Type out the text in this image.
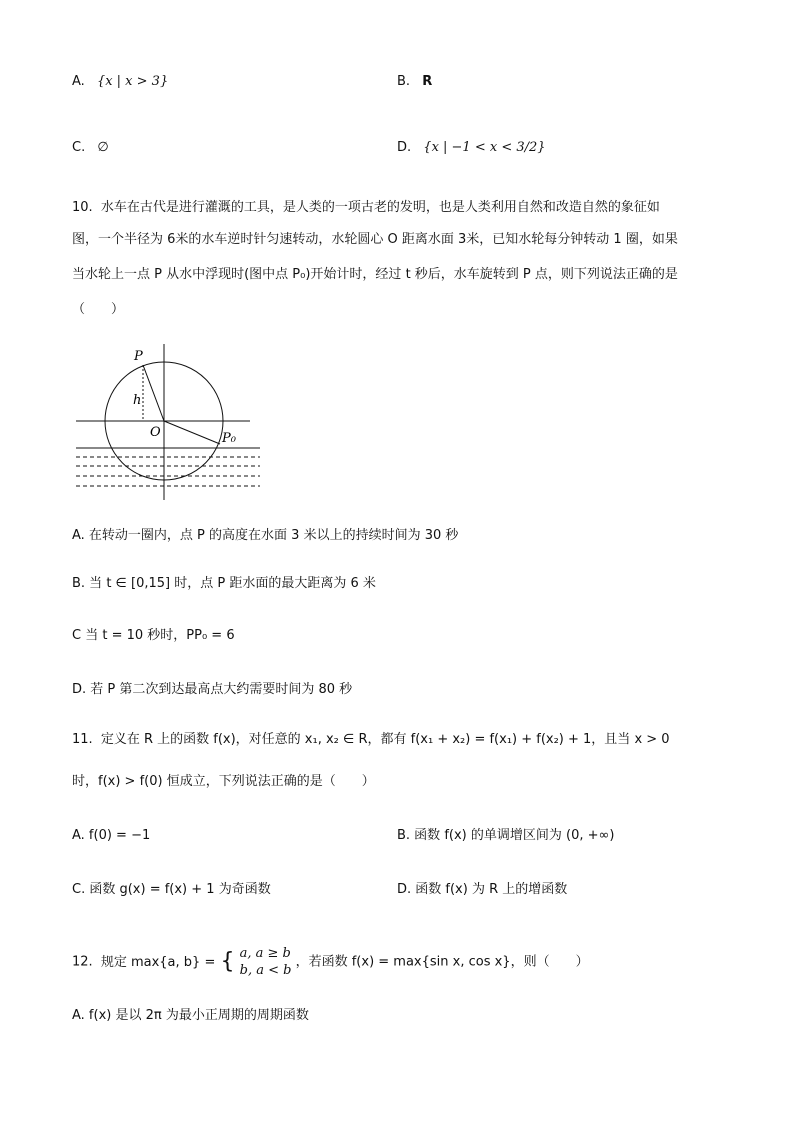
A. {x | x > 3}	B. R
C. ∅	D. {x | −1 < x < 3/2}
10. 水车在古代是进行灌溉的工具，是人类的一项古老的发明，也是人类利用自然和改造自然的象征如
图，一个半径为 6米的水车逆时针匀速转动，水轮圆心 O 距离水面 3米，已知水轮每分钟转动 1 圈，如果
当水轮上一点 P 从水中浮现时(图中点 P₀)开始计时，经过 t 秒后，水车旋转到 P 点，则下列说法正确的是
（　　）
P
h
O	P₀
A. 在转动一圈内，点 P 的高度在水面 3 米以上的持续时间为 30 秒
B. 当 t ∈ [0,15] 时，点 P 距水面的最大距离为 6 米
C 当 t = 10 秒时，PP₀ = 6
D. 若 P 第二次到达最高点大约需要时间为 80 秒
11. 定义在 R 上的函数 f(x)，对任意的 x₁, x₂ ∈ R，都有 f(x₁ + x₂) = f(x₁) + f(x₂) + 1，且当 x > 0
时，f(x) > f(0) 恒成立，下列说法正确的是（　　）
A. f(0) = −1	B. 函数 f(x) 的单调增区间为 (0, +∞)
C. 函数 g(x) = f(x) + 1 为奇函数	D. 函数 f(x) 为 R 上的增函数
12. 规定 max{a, b} = { a, a ≥ b
b, a < b
，若函数 f(x) = max{sin x, cos x}，则（　　）
A. f(x) 是以 2π 为最小正周期的周期函数
